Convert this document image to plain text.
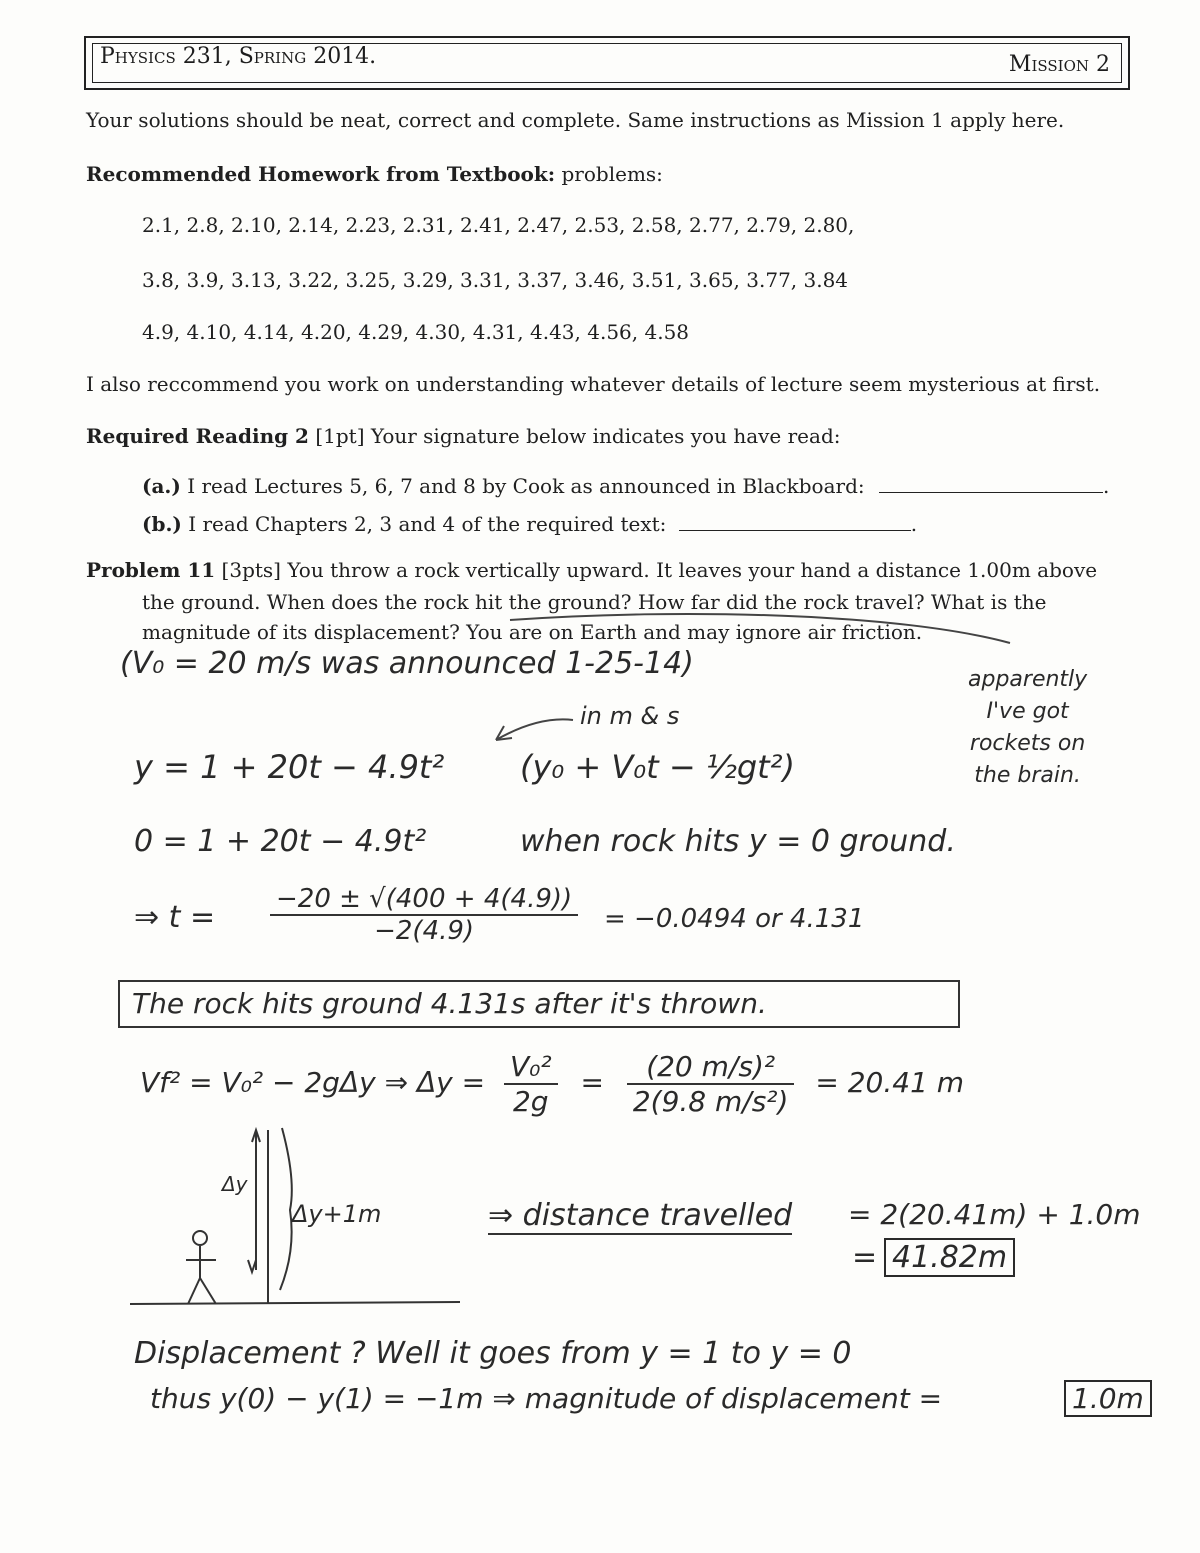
Physics 231, Spring 2014.	Mission 2
Your solutions should be neat, correct and complete. Same instructions as Mission 1 apply here.
Recommended Homework from Textbook: problems:
2.1, 2.8, 2.10, 2.14, 2.23, 2.31, 2.41, 2.47, 2.53, 2.58, 2.77, 2.79, 2.80,
3.8, 3.9, 3.13, 3.22, 3.25, 3.29, 3.31, 3.37, 3.46, 3.51, 3.65, 3.77, 3.84
4.9, 4.10, 4.14, 4.20, 4.29, 4.30, 4.31, 4.43, 4.56, 4.58
I also reccommend you work on understanding whatever details of lecture seem mysterious at first.
Required Reading 2 [1pt] Your signature below indicates you have read:
(a.) I read Lectures 5, 6, 7 and 8 by Cook as announced in Blackboard:	.
(b.) I read Chapters 2, 3 and 4 of the required text:	.
Problem 11 [3pts] You throw a rock vertically upward. It leaves your hand a distance 1.00m above
the ground. When does the rock hit the ground? How far did the rock travel? What is the
magnitude of its displacement? You are on Earth and may ignore air friction.
(V₀ = 20 m/s was announced 1-25-14)	apparently
I've got
rockets on
the brain.
in m & s
y = 1 + 20t − 4.9t² (y₀ + V₀t − ½gt²)
0 = 1 + 20t − 4.9t²	when rock hits y = 0 ground.
⇒ $t = \frac{-20 \pm √(400 + 4(4.9))}{-2(4.9)} = -0.0494$ or 4.131
The rock hits ground 4.131s after it's thrown.
Vf² = V₀² − 2gΔy ⇒ $\Delta y = \frac{\text{V₀²}}{2g} = \frac{\text{(20 m/s)²}}{\text{2(9.8 m/s²)}} = 20.41$ m
Δy
Δy+1m	⇒ distance travelled = 2(20.41m) + 1.0m
= 41.82m
Displacement ? Well it goes from y = 1 to y = 0
thus y(0) − y(1) = −1m ⇒ magnitude of displacement =	1.0m
